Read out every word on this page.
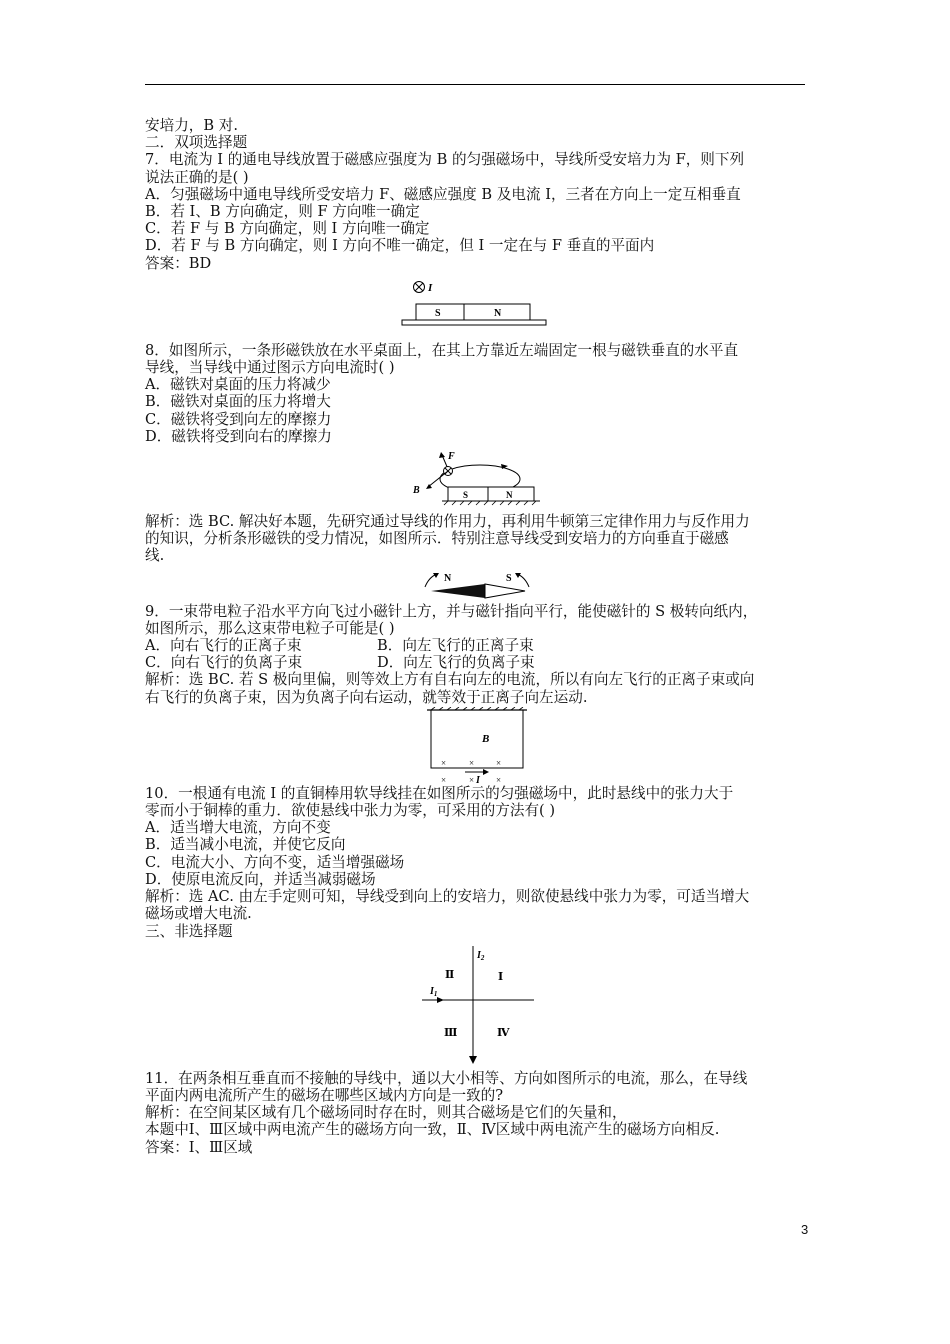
安培力，B 对.
二．双项选择题
7．电流为 I 的通电导线放置于磁感应强度为 B 的匀强磁场中，导线所受安培力为 F，则下列
说法正确的是( )
A．匀强磁场中通电导线所受安培力 F、磁感应强度 B 及电流 I，三者在方向上一定互相垂直
B．若 I、B 方向确定，则 F 方向唯一确定
C．若 F 与 B 方向确定，则 I 方向唯一确定
D．若 F 与 B 方向确定，则 I 方向不唯一确定，但 I 一定在与 F 垂直的平面内
答案：BD
I
S	N
8．如图所示，一条形磁铁放在水平桌面上，在其上方靠近左端固定一根与磁铁垂直的水平直
导线，当导线中通过图示方向电流时( )
A．磁铁对桌面的压力将减少
B．磁铁对桌面的压力将增大
C．磁铁将受到向左的摩擦力
D．磁铁将受到向右的摩擦力
F
B	S	N
解析：选 BC. 解决好本题，先研究通过导线的作用力，再利用牛顿第三定律作用力与反作用力
的知识，分析条形磁铁的受力情况，如图所示．特别注意导线受到安培力的方向垂直于磁感
线.
N	S
9．一束带电粒子沿水平方向飞过小磁针上方，并与磁针指向平行，能使磁针的 S 极转向纸内，
如图所示，那么这束带电粒子可能是( )
A．向右飞行的正离子束	B．向左飞行的正离子束
C．向右飞行的负离子束	D．向左飞行的负离子束
解析：选 BC. 若 S 极向里偏，则等效上方有自右向左的电流，所以有向左飞行的正离子束或向
右飞行的负离子束，因为负离子向右运动，就等效于正离子向左运动.
B
×	× ×
×	× ×
I
10．一根通有电流 I 的直铜棒用软导线挂在如图所示的匀强磁场中，此时悬线中的张力大于
零而小于铜棒的重力．欲使悬线中张力为零，可采用的方法有( )
A．适当增大电流，方向不变
B．适当减小电流，并使它反向
C．电流大小、方向不变，适当增强磁场
D．使原电流反向，并适当减弱磁场
解析：选 AC. 由左手定则可知，导线受到向上的安培力，则欲使悬线中张力为零，可适当增大
磁场或增大电流.
三、非选择题
$I_2$
$I_1$
Ⅱ	Ⅰ
Ⅲ	Ⅳ
11．在两条相互垂直而不接触的导线中，通以大小相等、方向如图所示的电流，那么，在导线
平面内两电流所产生的磁场在哪些区域内方向是一致的?
解析：在空间某区域有几个磁场同时存在时，则其合磁场是它们的矢量和，
本题中Ⅰ、Ⅲ区域中两电流产生的磁场方向一致，Ⅱ、Ⅳ区域中两电流产生的磁场方向相反.
答案：Ⅰ、Ⅲ区域
3
